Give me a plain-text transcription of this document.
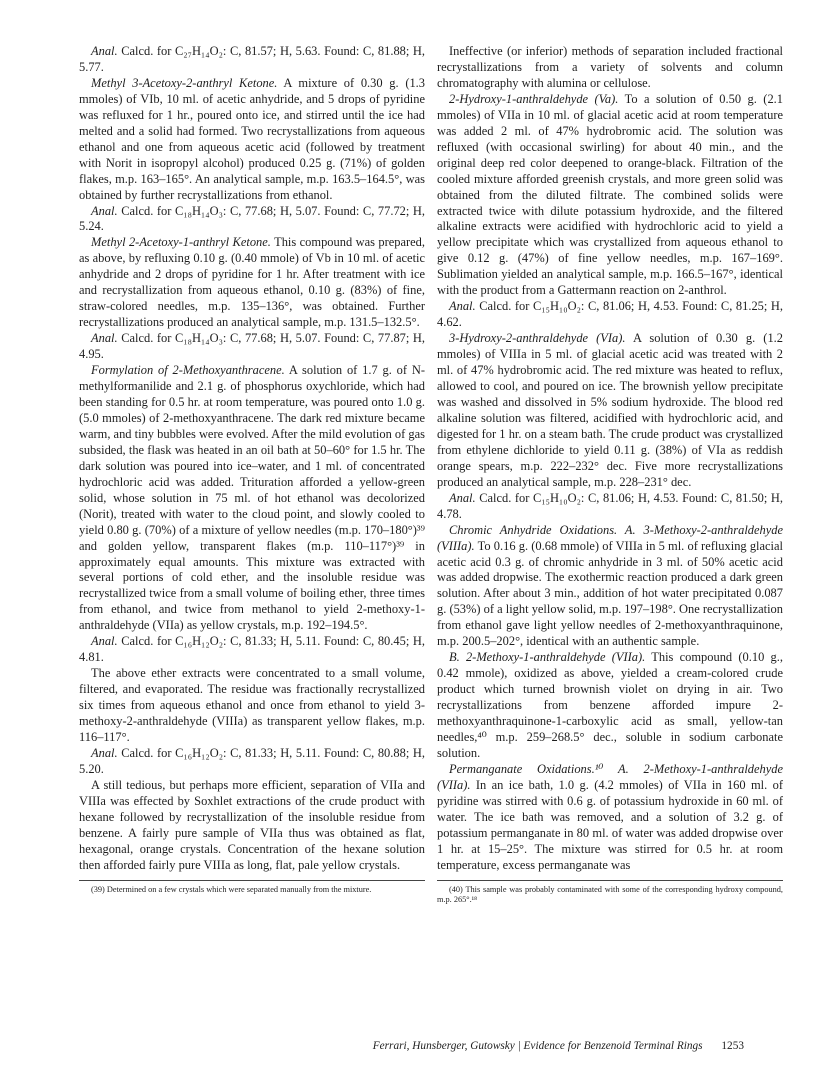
Anal. Calcd. for C₂₇H₁₄O₂: C, 81.57; H, 5.63. Found: C, 81.88; H, 5.77.

Methyl 3-Acetoxy-2-anthryl Ketone. A mixture of 0.30 g. (1.3 mmoles) of VIb, 10 ml. of acetic anhydride, and 5 drops of pyridine was refluxed for 1 hr., poured onto ice, and stirred until the ice had melted and a solid had formed. Two recrystallizations from aqueous ethanol and one from aqueous acetic acid (followed by treatment with Norit in isopropyl alcohol) produced 0.25 g. (71%) of golden flakes, m.p. 163–165°. An analytical sample, m.p. 163.5–164.5°, was obtained by further recrystallizations from ethanol.

Anal. Calcd. for C₁₈H₁₄O₃: C, 77.68; H, 5.07. Found: C, 77.72; H, 5.24.

Methyl 2-Acetoxy-1-anthryl Ketone. This compound was prepared, as above, by refluxing 0.10 g. (0.40 mmole) of Vb in 10 ml. of acetic anhydride and 2 drops of pyridine for 1 hr. After treatment with ice and recrystallization from aqueous ethanol, 0.10 g. (83%) of fine, straw-colored needles, m.p. 135–136°, was obtained. Further recrystallizations produced an analytical sample, m.p. 131.5–132.5°.

Anal. Calcd. for C₁₈H₁₄O₃: C, 77.68; H, 5.07. Found: C, 77.87; H, 4.95.

Formylation of 2-Methoxyanthracene. A solution of 1.7 g. of N-methylformanilide and 2.1 g. of phosphorus oxychloride, which had been standing for 0.5 hr. at room temperature, was poured onto 1.0 g. (5.0 mmoles) of 2-methoxyanthracene. The dark red mixture became warm, and tiny bubbles were evolved. After the mild evolution of gas subsided, the flask was heated in an oil bath at 50–60° for 1.5 hr. The dark solution was poured into ice–water, and 1 ml. of concentrated hydrochloric acid was added. Trituration afforded a yellow-green solid, whose solution in 75 ml. of hot ethanol was decolorized (Norit), treated with water to the cloud point, and slowly cooled to yield 0.80 g. (70%) of a mixture of yellow needles (m.p. 170–180°)³⁹ and golden yellow, transparent flakes (m.p. 110–117°)³⁹ in approximately equal amounts. This mixture was extracted with several portions of cold ether, and the insoluble residue was recrystallized twice from a small volume of boiling ether, three times from ethanol, and twice from methanol to yield 2-methoxy-1-anthraldehyde (VIIa) as yellow crystals, m.p. 192–194.5°.

Anal. Calcd. for C₁₆H₁₂O₂: C, 81.33; H, 5.11. Found: C, 80.45; H, 4.81.

The above ether extracts were concentrated to a small volume, filtered, and evaporated. The residue was fractionally recrystallized six times from aqueous ethanol and once from ethanol to yield 3-methoxy-2-anthraldehyde (VIIIa) as transparent yellow flakes, m.p. 116–117°.

Anal. Calcd. for C₁₆H₁₂O₂: C, 81.33; H, 5.11. Found: C, 80.88; H, 5.20.

A still tedious, but perhaps more efficient, separation of VIIa and VIIIa was effected by Soxhlet extractions of the crude product with hexane followed by recrystallization of the insoluble residue from benzene. A fairly pure sample of VIIa thus was obtained as flat, hexagonal, orange crystals. Concentration of the hexane solution then afforded fairly pure VIIIa as long, flat, pale yellow crystals.

(39) Determined on a few crystals which were separated manually from the mixture.

Ineffective (or inferior) methods of separation included fractional recrystallizations from a variety of solvents and column chromatography with alumina or cellulose.

2-Hydroxy-1-anthraldehyde (Va). To a solution of 0.50 g. (2.1 mmoles) of VIIa in 10 ml. of glacial acetic acid at room temperature was added 2 ml. of 47% hydrobromic acid. The solution was refluxed (with occasional swirling) for about 40 min., and the original deep red color deepened to orange-black. Filtration of the cooled mixture afforded greenish crystals, and more green solid was obtained from the diluted filtrate. The combined solids were extracted twice with dilute potassium hydroxide, and the filtered alkaline extracts were acidified with hydrochloric acid to yield a yellow precipitate which was crystallized from aqueous ethanol to give 0.12 g. (47%) of fine yellow needles, m.p. 167–169°. Sublimation yielded an analytical sample, m.p. 166.5–167°, identical with the product from a Gattermann reaction on 2-anthrol.

Anal. Calcd. for C₁₅H₁₀O₂: C, 81.06; H, 4.53. Found: C, 81.25; H, 4.62.

3-Hydroxy-2-anthraldehyde (VIa). A solution of 0.30 g. (1.2 mmoles) of VIIIa in 5 ml. of glacial acetic acid was treated with 2 ml. of 47% hydrobromic acid. The red mixture was heated to reflux, allowed to cool, and poured on ice. The brownish yellow precipitate was washed and dissolved in 5% sodium hydroxide. The blood red alkaline solution was filtered, acidified with hydrochloric acid, and digested for 1 hr. on a steam bath. The crude product was crystallized from ethylene dichloride to yield 0.11 g. (38%) of VIa as reddish orange spears, m.p. 222–232° dec. Five more recrystallizations produced an analytical sample, m.p. 228–231° dec.

Anal. Calcd. for C₁₅H₁₀O₂: C, 81.06; H, 4.53. Found: C, 81.50; H, 4.78.

Chromic Anhydride Oxidations. A. 3-Methoxy-2-anthraldehyde (VIIIa). To 0.16 g. (0.68 mmole) of VIIIa in 5 ml. of refluxing glacial acetic acid 0.3 g. of chromic anhydride in 3 ml. of 50% acetic acid was added dropwise. The exothermic reaction produced a dark green solution. After about 3 min., addition of hot water precipitated 0.087 g. (53%) of a light yellow solid, m.p. 197–198°. One recrystallization from ethanol gave light yellow needles of 2-methoxyanthraquinone, m.p. 200.5–202°, identical with an authentic sample.

B. 2-Methoxy-1-anthraldehyde (VIIa). This compound (0.10 g., 0.42 mmole), oxidized as above, yielded a cream-colored crude product which turned brownish violet on drying in air. Two recrystallizations from benzene afforded impure 2-methoxyanthraquinone-1-carboxylic acid as small, yellow-tan needles,⁴⁰ m.p. 259–268.5° dec., soluble in sodium carbonate solution.

Permanganate Oxidations.¹⁰ A. 2-Methoxy-1-anthraldehyde (VIIa). In an ice bath, 1.0 g. (4.2 mmoles) of VIIa in 160 ml. of pyridine was stirred with 0.6 g. of potassium hydroxide in 60 ml. of water. The ice bath was removed, and a solution of 3.2 g. of potassium permanganate in 80 ml. of water was added dropwise over 1 hr. at 15–25°. The mixture was stirred for 0.5 hr. at room temperature, excess permanganate was

(40) This sample was probably contaminated with some of the corresponding hydroxy compound, m.p. 265°.¹⁸

Ferrari, Hunsberger, Gutowsky | Evidence for Benzenoid Terminal Rings 1253
